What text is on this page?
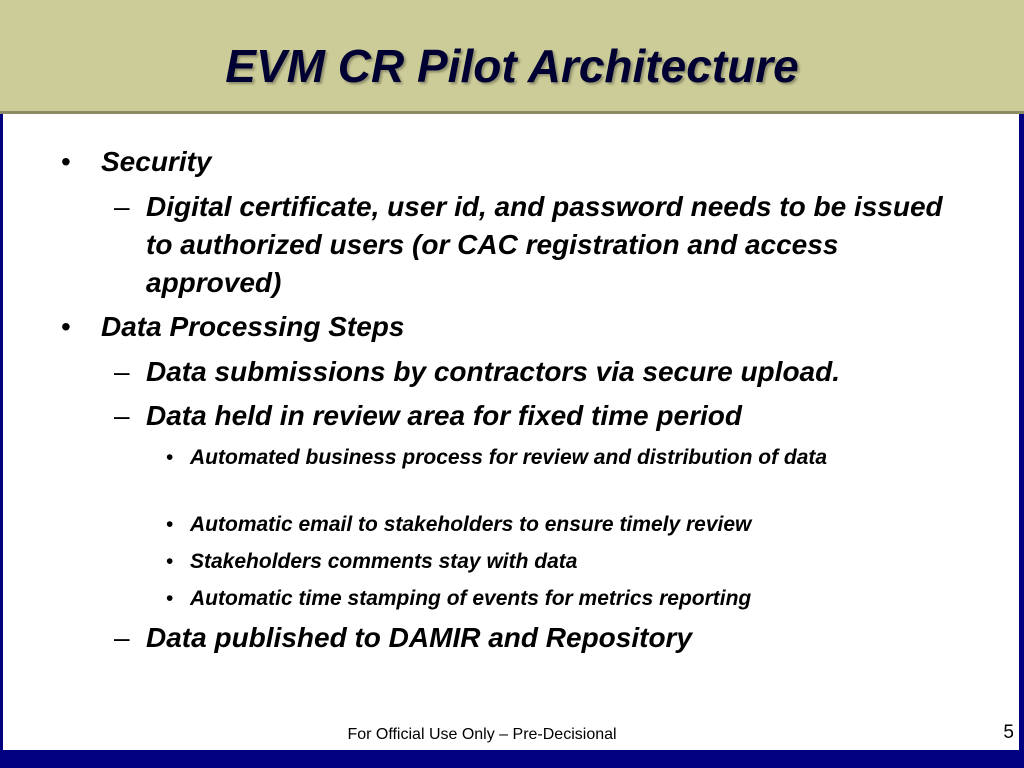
EVM CR Pilot Architecture
• Security
– Digital certificate, user id, and password needs to be issued to authorized users (or CAC registration and access approved)
• Data Processing Steps
– Data submissions by contractors via secure upload.
– Data held in review area for fixed time period
• Automated business process for review and distribution of data
• Automatic email to stakeholders to ensure timely review
• Stakeholders comments stay with data
• Automatic time stamping of events for metrics reporting
– Data published to DAMIR and Repository
For Official Use Only – Pre-Decisional	5
